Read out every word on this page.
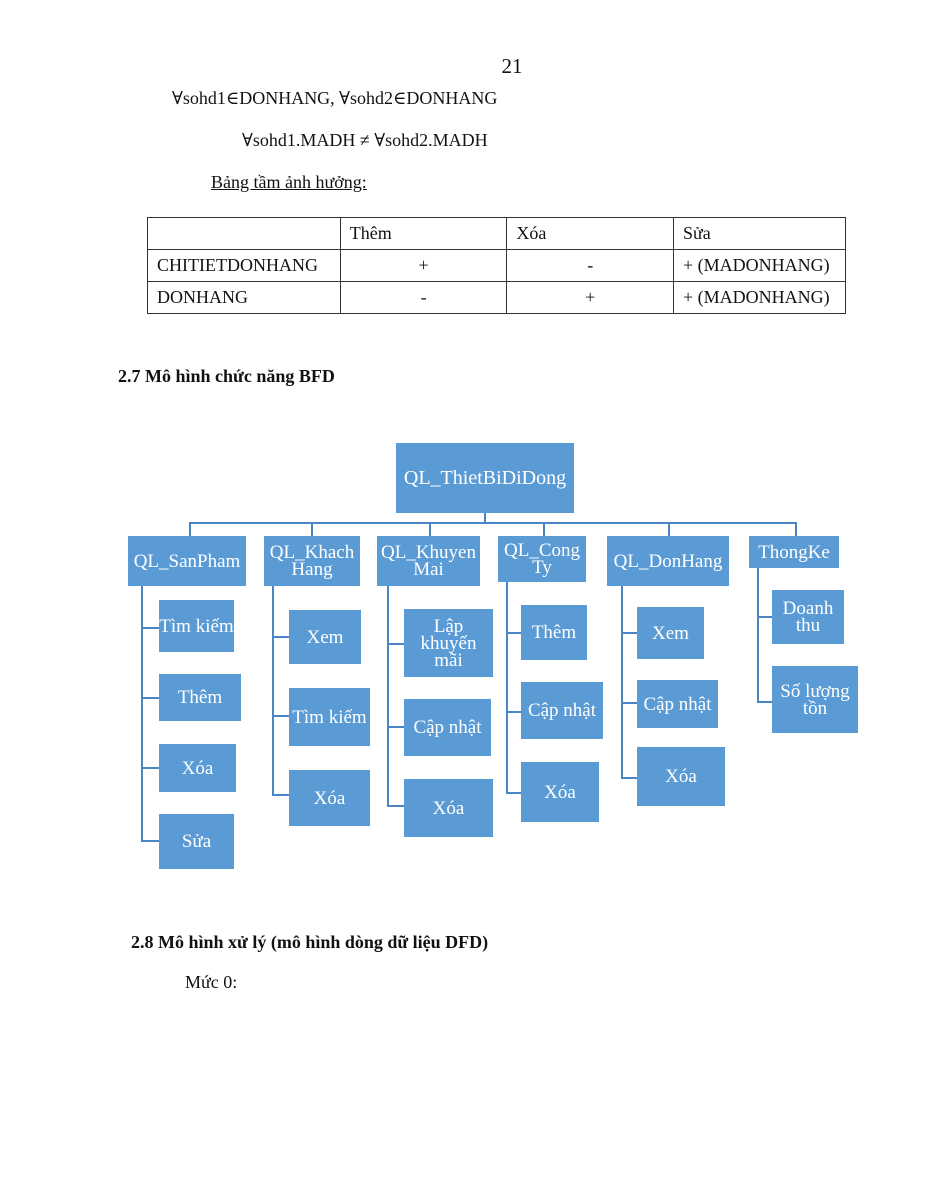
21
∀sohd1∈DONHANG, ∀sohd2∈DONHANG
∀sohd1.MADH ≠ ∀sohd2.MADH
Bảng tầm ảnh hưởng:
	Thêm	Xóa	Sửa
CHITIETDONHANG	+	-	+ (MADONHANG)
DONHANG	-	+	+ (MADONHANG)
2.7 Mô hình chức năng BFD
QL_ThietBiDiDong
QL_SanPham	QL_Khach Hang
QL_Khuyen Mai
QL_Cong Ty	QL_DonHang	ThongKe
Tìm kiếm
Thêm
Xóa
Sửa
Xem
Tìm kiếm
Xóa
Lập khuyến mãi
Cập nhật
Xóa
Thêm
Cập nhật
Xóa
Xem
Cập nhật
Xóa
Doanh thu
Số lượng tồn
2.8 Mô hình xử lý (mô hình dòng dữ liệu DFD)
Mức 0:
